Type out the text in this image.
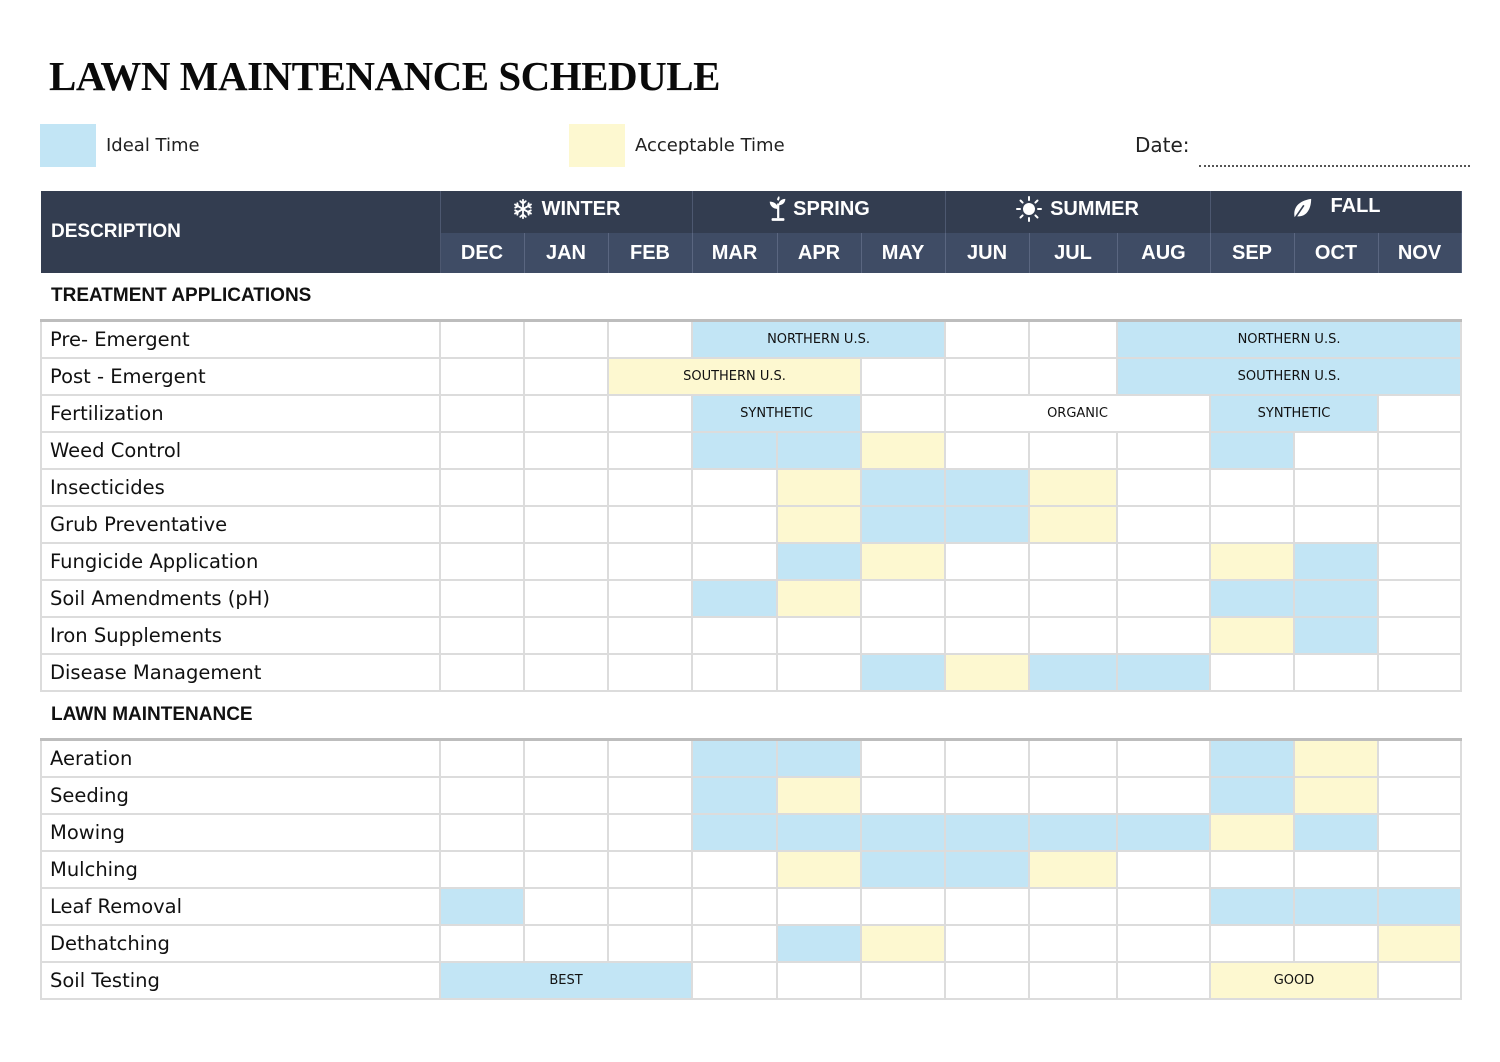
LAWN MAINTENANCE SCHEDULE
Ideal Time	Acceptable Time	Date:
DESCRIPTION	WINTER			SPRING			SUMMER			FALL		

	DEC	JAN	FEB	MAR	APR	MAY	JUN	JUL	AUG	SEP	OCT	NOV
TREATMENT APPLICATIONS												
Pre- Emergent				NORTHERN U.S.					NORTHERN U.S.			
Post - Emergent			SOUTHERN U.S.						SOUTHERN U.S.			
Fertilization				SYNTHETIC			ORGANIC			SYNTHETIC		
Weed Control												
Insecticides												
Grub Preventative												
Fungicide Application												
Soil Amendments (pH)												
Iron Supplements												
Disease Management												
LAWN MAINTENANCE												
Aeration												
Seeding												
Mowing												
Mulching												
Leaf Removal												
Dethatching												
Soil Testing	BEST									GOOD		
